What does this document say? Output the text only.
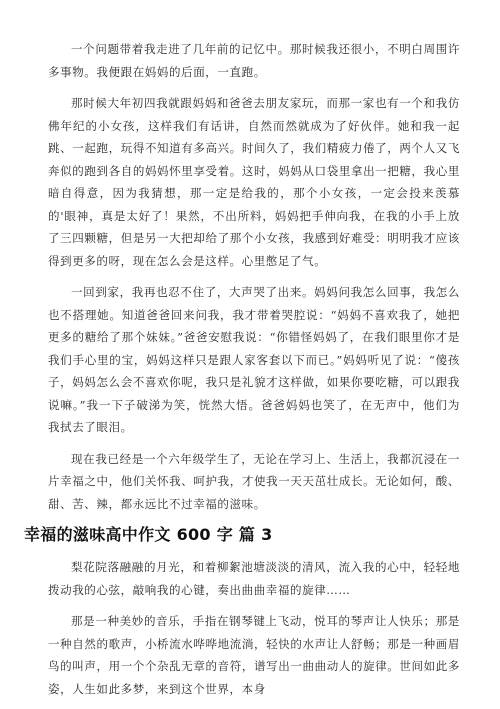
一个问题带着我走进了几年前的记忆中。那时候我还很小，不明白周围许多事物。我便跟在妈妈的后面，一直跑。

那时候大年初四我就跟妈妈和爸爸去朋友家玩，而那一家也有一个和我仿佛年纪的小女孩，这样我们有话讲，自然而然就成为了好伙伴。她和我一起跳、一起跑，玩得不知道有多高兴。时间久了，我们精疲力倦了，两个人又飞奔似的跑到各自的妈妈怀里享受着。这时，妈妈从口袋里拿出一把糖，我心里暗自得意，因为我猜想，那一定是给我的，那个小女孩，一定会投来羡慕的'眼神，真是太好了！果然，不出所料，妈妈把手伸向我，在我的小手上放了三四颗糖，但是另一大把却给了那个小女孩，我感到好难受：明明我才应该得到更多的呀，现在怎么会是这样。心里憋足了气。

一回到家，我再也忍不住了，大声哭了出来。妈妈问我怎么回事，我怎么也不搭理她。知道爸爸回来问我，我才带着哭腔说：“妈妈不喜欢我了，她把更多的糖给了那个妹妹。”爸爸安慰我说：“你错怪妈妈了，在我们眼里你才是我们手心里的宝，妈妈这样只是跟人家客套以下而已。”妈妈听见了说：“傻孩子，妈妈怎么会不喜欢你呢，我只是礼貌才这样做，如果你要吃糖，可以跟我说嘛。”我一下子破涕为笑，恍然大悟。爸爸妈妈也笑了，在无声中，他们为我拭去了眼泪。

现在我已经是一个六年级学生了，无论在学习上、生活上，我都沉浸在一片幸福之中，他们关怀我、呵护我，才使我一天天茁壮成长。无论如何，酸、甜、苦、辣，都永远比不过幸福的滋味。

幸福的滋味高中作文 600 字 篇 3

梨花院落融融的月光，和着柳絮池塘淡淡的清风，流入我的心中，轻轻地拨动我的心弦，敲响我的心键，奏出曲曲幸福的旋律……

那是一种美妙的音乐，手指在钢琴键上飞动，悦耳的琴声让人快乐；那是一种自然的歌声，小桥流水哗哗地流淌，轻快的水声让人舒畅；那是一种画眉鸟的叫声，用一个个杂乱无章的音符，谱写出一曲曲动人的旋律。世间如此多姿，人生如此多梦，来到这个世界，本身
